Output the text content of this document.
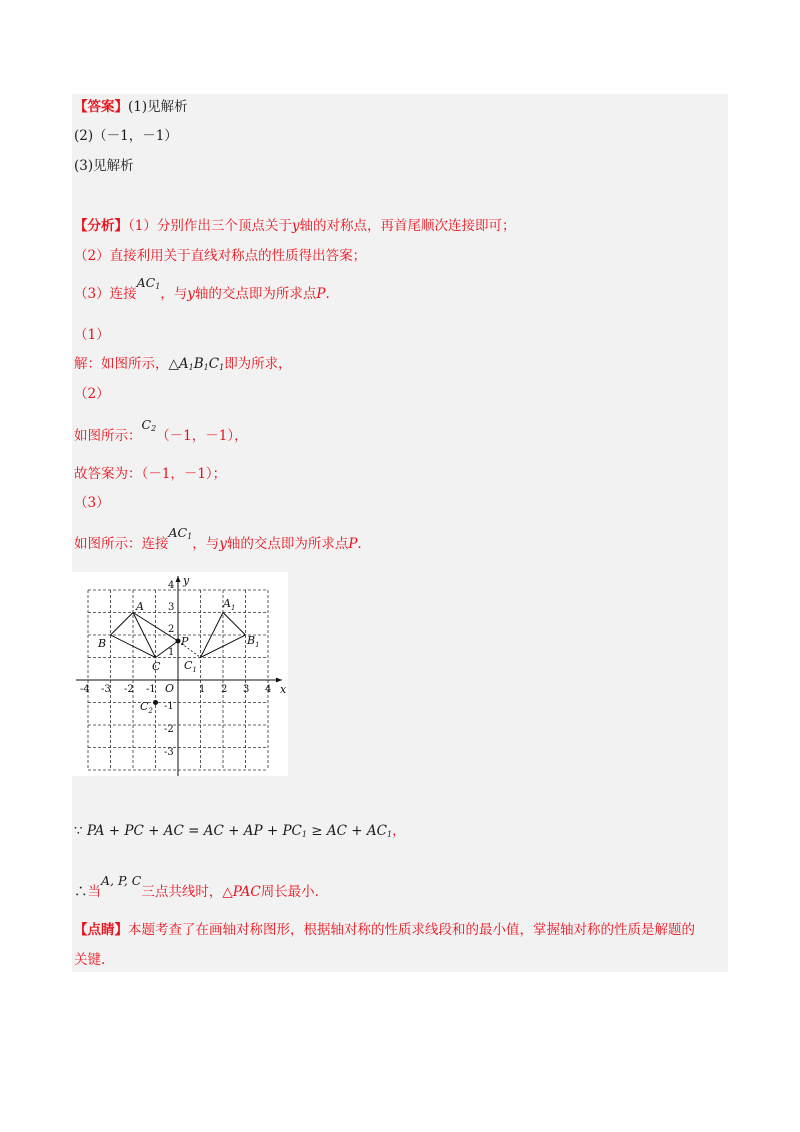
【答案】(1)见解析
(2)（－1，－1）
(3)见解析
【分析】（1）分别作出三个顶点关于y轴的对称点，再首尾顺次连接即可；
（2）直接利用关于直线对称点的性质得出答案；
（3）连接$AC_1$，与y轴的交点即为所求点P.
（1）
解：如图所示，$\triangle A_1B_1C_1$即为所求，
（2）
如图所示：$C_2(-1$，－1），
故答案为：（－1，－1）；
（3）
如图所示：连接$AC_1$，与y轴的交点即为所求点P.
-4 -3 -2 -1	1 2 3 4
4
3
2
1
-1
-2
-3
O	x
y
A
B
C
P
$A_1$
$B_1$
$C_1$
$C_2$
∵ PA + PC + AC = AC + AP + $PC_1$ ≥ AC + $AC_1$，
∴当A, P, C三点共线时，△PAC周长最小.
【点睛】本题考查了在画轴对称图形，根据轴对称的性质求线段和的最小值，掌握轴对称的性质是解题的
关键.
